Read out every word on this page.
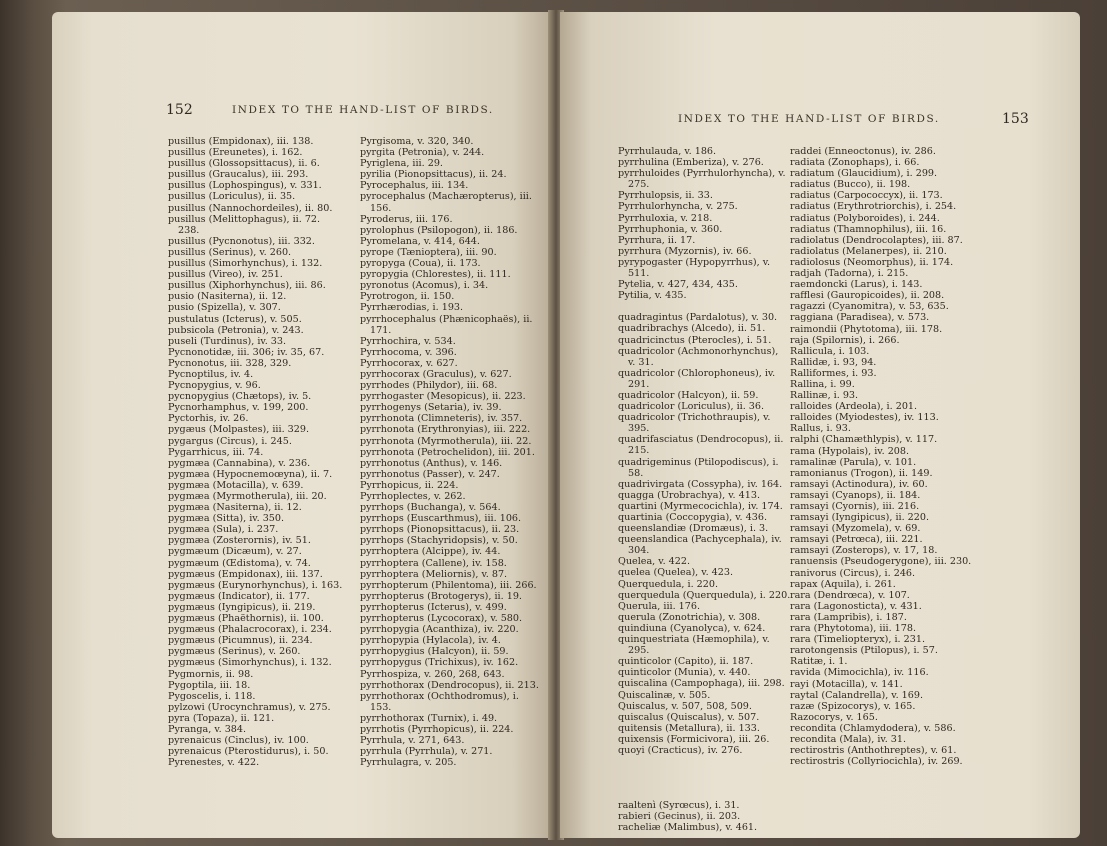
152	INDEX TO THE HAND-LIST OF BIRDS.
pusillus (Empidonax), iii. 138.
pusillus (Ereunetes), i. 162.
pusillus (Glossopsittacus), ii. 6.
pusillus (Graucalus), iii. 293.
pusillus (Lophospingus), v. 331.
pusillus (Loriculus), ii. 35.
pusillus (Nannochordeiles), ii. 80.
pusillus (Melittophagus), ii. 72. 238.
pusillus (Pycnonotus), iii. 332.
pusillus (Serinus), v. 260.
pusillus (Simorhynchus), i. 132.
pusillus (Vireo), iv. 251.
pusillus (Xiphorhynchus), iii. 86.
pusio (Nasiterna), ii. 12.
pusio (Spizella), v. 307.
pustulatus (Icterus), v. 505.
pubsicola (Petronia), v. 243.
puseli (Turdinus), iv. 33.
Pycnonotidæ, iii. 306; iv. 35, 67.
Pycnonotus, iii. 328, 329.
Pycnoptilus, iv. 4.
Pycnopygius, v. 96.
pycnopygius (Chætops), iv. 5.
Pycnorhamphus, v. 199, 200.
Pyctorhis, iv. 26.
pygæus (Molpastes), iii. 329.
pygargus (Circus), i. 245.
Pygarrhicus, iii. 74.
pygmæa (Cannabina), v. 236.
pygmæa (Hypocnemoœyna), ii. 7.
pygmæa (Motacilla), v. 639.
pygmæa (Myrmotherula), iii. 20.
pygmæa (Nasiterna), ii. 12.
pygmæa (Sitta), iv. 350.
pygmæa (Sula), i. 237.
pygmæa (Zosterornis), iv. 51.
pygmæum (Dicæum), v. 27.
pygmæum (Œdistoma), v. 74.
pygmæus (Empidonax), iii. 137.
pygmæus (Eurynorhynchus), i. 163.
pygmæus (Indicator), ii. 177.
pygmæus (Iyngipicus), ii. 219.
pygmæus (Phaëthornis), ii. 100.
pygmæus (Phalacrocorax), i. 234.
pygmæus (Picumnus), ii. 234.
pygmæus (Serinus), v. 260.
pygmæus (Simorhynchus), i. 132.
Pygmornis, ii. 98.
Pygoptila, iii. 18.
Pygoscelis, i. 118.
pylzowi (Urocynchramus), v. 275.
pyra (Topaza), ii. 121.
Pyranga, v. 384.
pyrenaicus (Cinclus), iv. 100.
pyrenaicus (Pterostidurus), i. 50.
Pyrenestes, v. 422.
Pyrgisoma, v. 320, 340.
pyrgita (Petronia), v. 244.
Pyriglena, iii. 29.
pyrilia (Pionopsittacus), ii. 24.
Pyrocephalus, iii. 134.
pyrocephalus (Machæropterus), iii. 156.
Pyroderus, iii. 176.
pyrolophus (Psilopogon), ii. 186.
Pyromelana, v. 414, 644.
pyrope (Tænioptera), iii. 90.
pyropyga (Coua), ii. 173.
pyropygia (Chlorestes), ii. 111.
pyronotus (Acomus), i. 34.
Pyrotrogon, ii. 150.
Pyrrhærodias, i. 193.
pyrrhocephalus (Phænicophaës), ii. 171.
Pyrrhochira, v. 534.
Pyrrhocoma, v. 396.
Pyrrhocorax, v. 627.
pyrrhocorax (Graculus), v. 627.
pyrrhodes (Philydor), iii. 68.
pyrrhogaster (Mesopicus), ii. 223.
pyrrhogenys (Setaria), iv. 39.
pyrrhonota (Climneteris), iv. 357.
pyrrhonota (Erythronyias), iii. 222.
pyrrhonota (Myrmotherula), iii. 22.
pyrrhonota (Petrochelidon), iii. 201.
pyrrhonotus (Anthus), v. 146.
pyrrhonotus (Passer), v. 247.
Pyrrhopicus, ii. 224.
Pyrrhoplectes, v. 262.
pyrrhops (Buchanga), v. 564.
pyrrhops (Euscarthmus), iii. 106.
pyrrhops (Pionopsittacus), ii. 23.
pyrrhops (Stachyridopsis), v. 50.
pyrrhoptera (Alcippe), iv. 44.
pyrrhoptera (Callene), iv. 158.
pyrrhoptera (Meliornis), v. 87.
pyrrhopterum (Philentoma), iii. 266.
pyrrhopterus (Brotogerys), ii. 19.
pyrrhopterus (Icterus), v. 499.
pyrrhopterus (Lycocorax), v. 580.
pyrrhopygia (Acanthiza), iv. 220.
pyrrhopypia (Hylacola), iv. 4.
pyrrhopygius (Halcyon), ii. 59.
pyrrhopygus (Trichixus), iv. 162.
Pyrrhospiza, v. 260, 268, 643.
pyrrhothorax (Dendrocopus), ii. 213.
pyrrhothorax (Ochthodromus), i. 153.
pyrrhothorax (Turnix), i. 49.
pyrrhotis (Pyrrhopicus), ii. 224.
Pyrrhula, v. 271, 643.
pyrrhula (Pyrrhula), v. 271.
Pyrrhulagra, v. 205.
INDEX TO THE HAND-LIST OF BIRDS.	153
Pyrrhulauda, v. 186.
pyrrhulina (Emberiza), v. 276.
pyrrhuloides (Pyrrhulorhyncha), v. 275.
Pyrrhulopsis, ii. 33.
Pyrrhulorhyncha, v. 275.
Pyrrhuloxia, v. 218.
Pyrrhuphonia, v. 360.
Pyrrhura, ii. 17.
pyrrhura (Myzornis), iv. 66.
pyrypogaster (Hypopyrrhus), v. 511.
Pytelia, v. 427, 434, 435.
Pytilia, v. 435.
quadragintus (Pardalotus), v. 30.
quadribrachys (Alcedo), ii. 51.
quadricinctus (Pterocles), i. 51.
quadricolor (Achmonorhynchus), v. 31.
quadricolor (Chlorophoneus), iv. 291.
quadricolor (Halcyon), ii. 59.
quadricolor (Loriculus), ii. 36.
quadricolor (Trichothraupis), v. 395.
quadrifasciatus (Dendrocopus), ii. 215.
quadrigeminus (Ptilopodiscus), i. 58.
quadrivirgata (Cossypha), iv. 164.
quagga (Urobrachya), v. 413.
quartini (Myrmecocichla), iv. 174.
quartinia (Coccopygia), v. 436.
queenslandiæ (Dromæus), i. 3.
queenslandica (Pachycephala), iv. 304.
Quelea, v. 422.
quelea (Quelea), v. 423.
Querquedula, i. 220.
querquedula (Querquedula), i. 220.
Querula, iii. 176.
querula (Zonotrichia), v. 308.
quindiuna (Cyanolyca), v. 624.
quinquestriata (Hæmophila), v. 295.
quinticolor (Capito), ii. 187.
quinticolor (Munia), v. 440.
quiscalina (Campophaga), iii. 298.
Quiscalinæ, v. 505.
Quiscalus, v. 507, 508, 509.
quiscalus (Quiscalus), v. 507.
quitensis (Metallura), ii. 133.
quixensis (Formicivora), iii. 26.
quoyi (Cracticus), iv. 276.
raaltenì (Syrœcus), i. 31.
rabieri (Gecinus), ii. 203.
racheliæ (Malimbus), v. 461.
raddei (Enneoctonus), iv. 286.
radiata (Zonophaps), i. 66.
radiatum (Glaucidium), i. 299.
radiatus (Bucco), ii. 198.
radiatus (Carpococcyx), ii. 173.
radiatus (Erythrotriorchis), i. 254.
radiatus (Polyboroides), i. 244.
radiatus (Thamnophilus), iii. 16.
radiolatus (Dendrocolaptes), iii. 87.
radiolatus (Melanerpes), ii. 210.
radiolosus (Neomorphus), ii. 174.
radjah (Tadorna), i. 215.
raemdoncki (Larus), i. 143.
rafflesi (Gauropicoides), ii. 208.
ragazzi (Cyanomitra), v. 53, 635.
raggiana (Paradisea), v. 573.
raimondii (Phytotoma), iii. 178.
raja (Spilornis), i. 266.
Rallicula, i. 103.
Rallidæ, i. 93, 94.
Ralliformes, i. 93.
Rallina, i. 99.
Rallinæ, i. 93.
ralloides (Ardeola), i. 201.
ralloides (Myiodestes), iv. 113.
Rallus, i. 93.
ralphi (Chamæthlypis), v. 117.
rama (Hypolais), iv. 208.
ramalinæ (Parula), v. 101.
ramonianus (Trogon), ii. 149.
ramsayi (Actinodura), iv. 60.
ramsayi (Cyanops), ii. 184.
ramsayi (Cyornis), iii. 216.
ramsayi (Iyngipicus), ii. 220.
ramsayi (Myzomela), v. 69.
ramsayi (Petrœca), iii. 221.
ramsayi (Zosterops), v. 17, 18.
ranuensis (Pseudogerygone), iii. 230.
ranivorus (Circus), i. 246.
rapax (Aquila), i. 261.
rara (Dendrœca), v. 107.
rara (Lagonosticta), v. 431.
rara (Lampribis), i. 187.
rara (Phytotoma), iii. 178.
rara (Timeliopteryx), i. 231.
rarotongensis (Ptilopus), i. 57.
Ratitæ, i. 1.
ravida (Mimocichla), iv. 116.
rayi (Motacilla), v. 141.
raytal (Calandrella), v. 169.
razæ (Spizocorys), v. 165.
Razocorys, v. 165.
recondita (Chlamydodera), v. 586.
recondita (Mala), iv. 31.
rectirostris (Anthothreptes), v. 61.
rectirostris (Collyriocichla), iv. 269.
